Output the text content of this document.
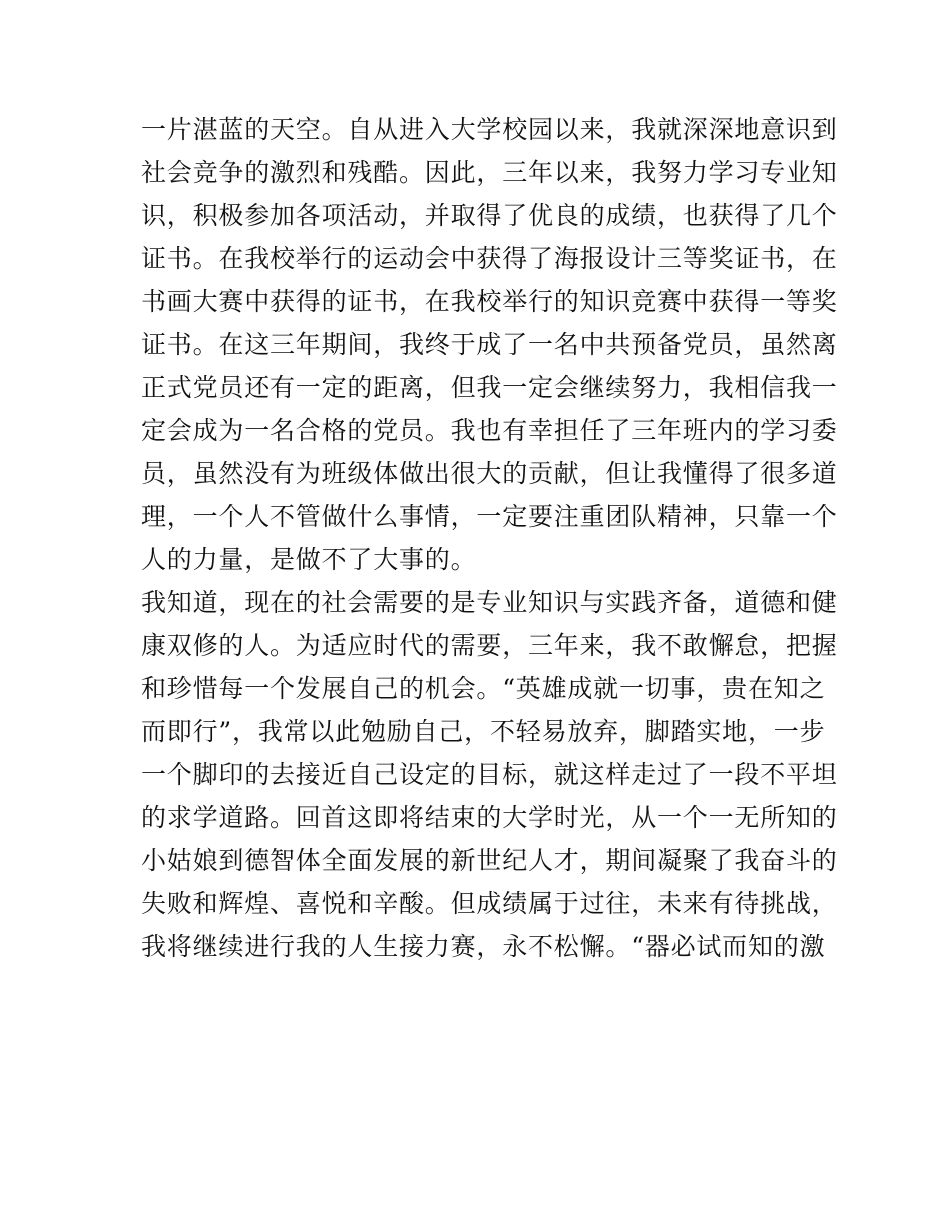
一片湛蓝的天空。自从进入大学校园以来，我就深深地意识到
社会竞争的激烈和残酷。因此，三年以来，我努力学习专业知
识，积极参加各项活动，并取得了优良的成绩，也获得了几个
证书。在我校举行的运动会中获得了海报设计三等奖证书，在
书画大赛中获得的证书，在我校举行的知识竞赛中获得一等奖
证书。在这三年期间，我终于成了一名中共预备党员，虽然离
正式党员还有一定的距离，但我一定会继续努力，我相信我一
定会成为一名合格的党员。我也有幸担任了三年班内的学习委
员，虽然没有为班级体做出很大的贡献，但让我懂得了很多道
理，一个人不管做什么事情，一定要注重团队精神，只靠一个
人的力量，是做不了大事的。
我知道，现在的社会需要的是专业知识与实践齐备，道德和健
康双修的人。为适应时代的需要，三年来，我不敢懈怠，把握
和珍惜每一个发展自己的机会。“英雄成就一切事，贵在知之
而即行”，我常以此勉励自己，不轻易放弃，脚踏实地，一步
一个脚印的去接近自己设定的目标，就这样走过了一段不平坦
的求学道路。回首这即将结束的大学时光，从一个一无所知的
小姑娘到德智体全面发展的新世纪人才，期间凝聚了我奋斗的
失败和辉煌、喜悦和辛酸。但成绩属于过往，未来有待挑战，
我将继续进行我的人生接力赛，永不松懈。“器必试而知的激
